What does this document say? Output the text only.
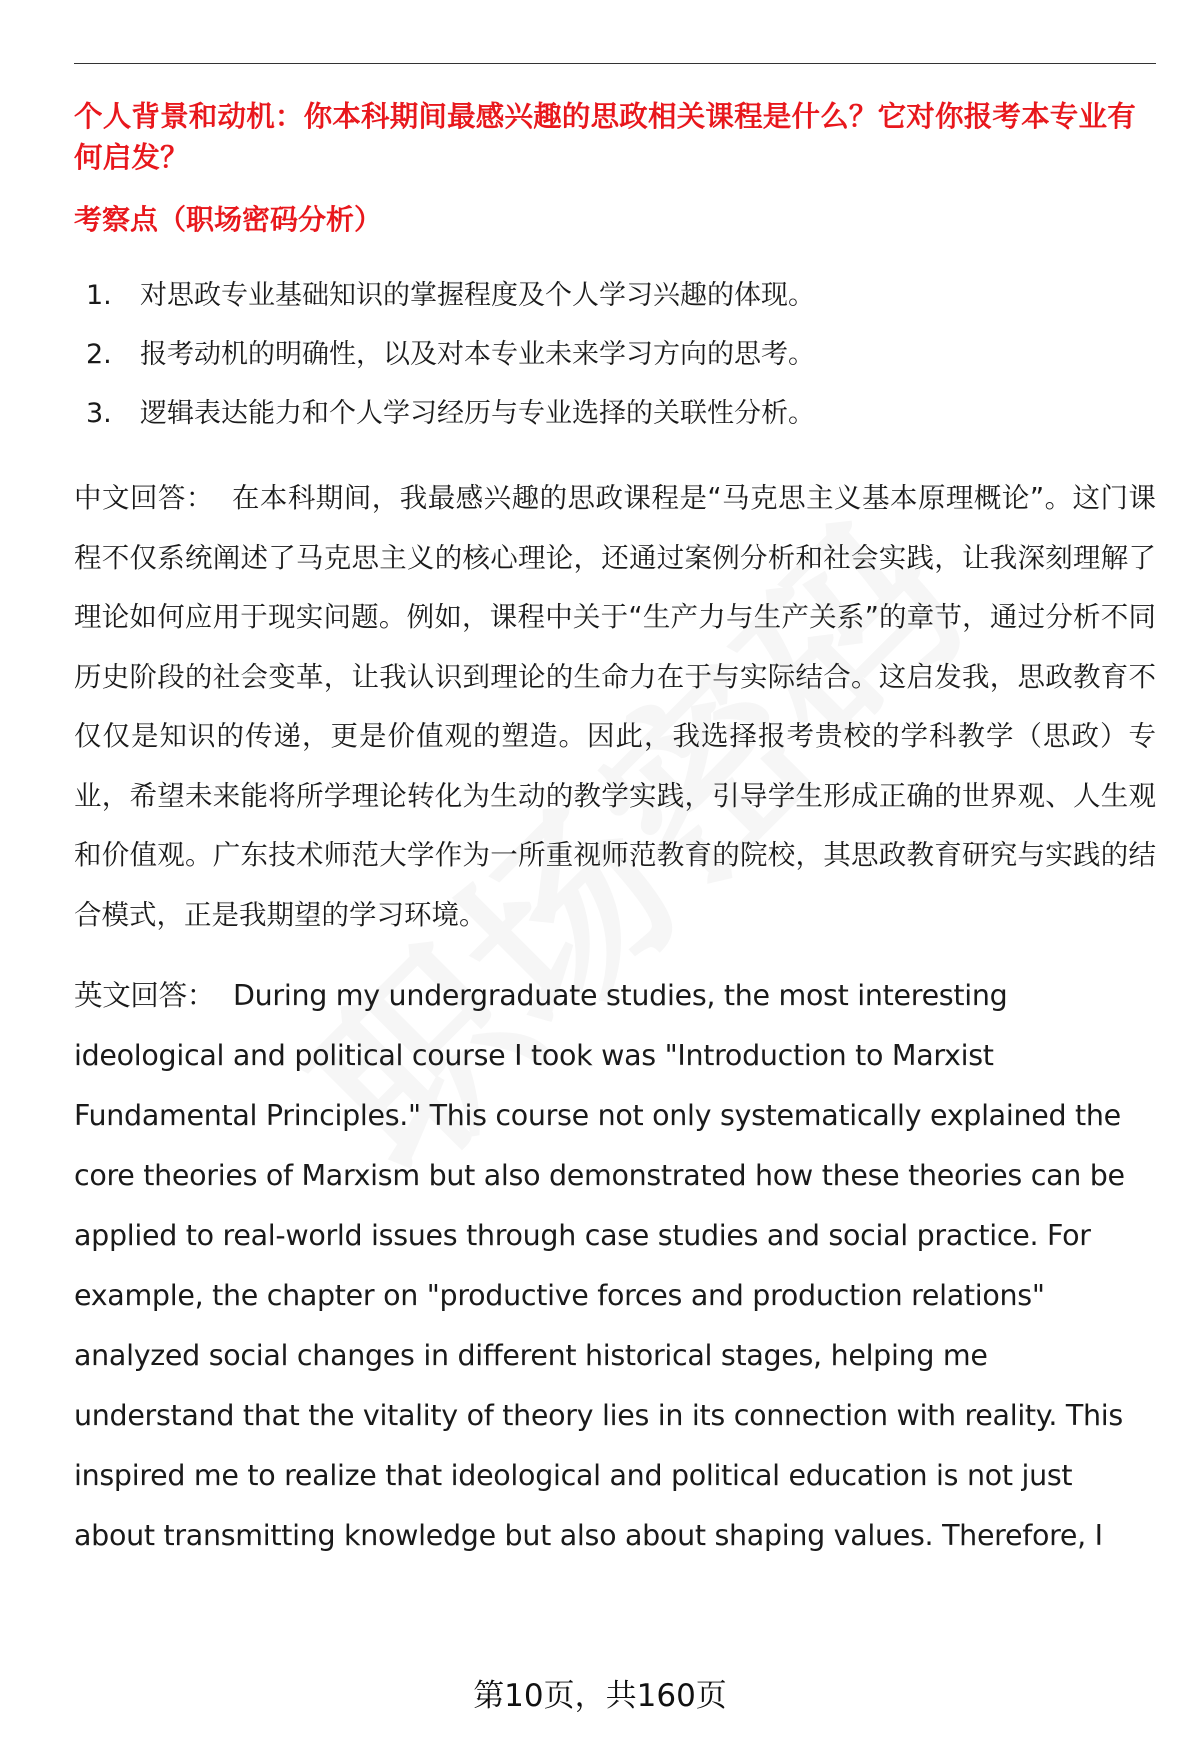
个人背景和动机：你本科期间最感兴趣的思政相关课程是什么？它对你报考本专业有何启发？

考察点（职场密码分析）

1.	对思政专业基础知识的掌握程度及个人学习兴趣的体现。
2.	报考动机的明确性，以及对本专业未来学习方向的思考。
3.	逻辑表达能力和个人学习经历与专业选择的关联性分析。

中文回答： 在本科期间，我最感兴趣的思政课程是“马克思主义基本原理概论”。这门课程不仅系统阐述了马克思主义的核心理论，还通过案例分析和社会实践，让我深刻理解了理论如何应用于现实问题。例如，课程中关于“生产力与生产关系”的章节，通过分析不同历史阶段的社会变革，让我认识到理论的生命力在于与实际结合。这启发我，思政教育不仅仅是知识的传递，更是价值观的塑造。因此，我选择报考贵校的学科教学（思政）专业，希望未来能将所学理论转化为生动的教学实践，引导学生形成正确的世界观、人生观和价值观。广东技术师范大学作为一所重视师范教育的院校，其思政教育研究与实践的结合模式，正是我期望的学习环境。

英文回答： During my undergraduate studies, the most interesting ideological and political course I took was "Introduction to Marxist Fundamental Principles." This course not only systematically explained the core theories of Marxism but also demonstrated how these theories can be applied to real-world issues through case studies and social practice. For example, the chapter on "productive forces and production relations" analyzed social changes in different historical stages, helping me understand that the vitality of theory lies in its connection with reality. This inspired me to realize that ideological and political education is not just about transmitting knowledge but also about shaping values. Therefore, I

第10页，共160页
